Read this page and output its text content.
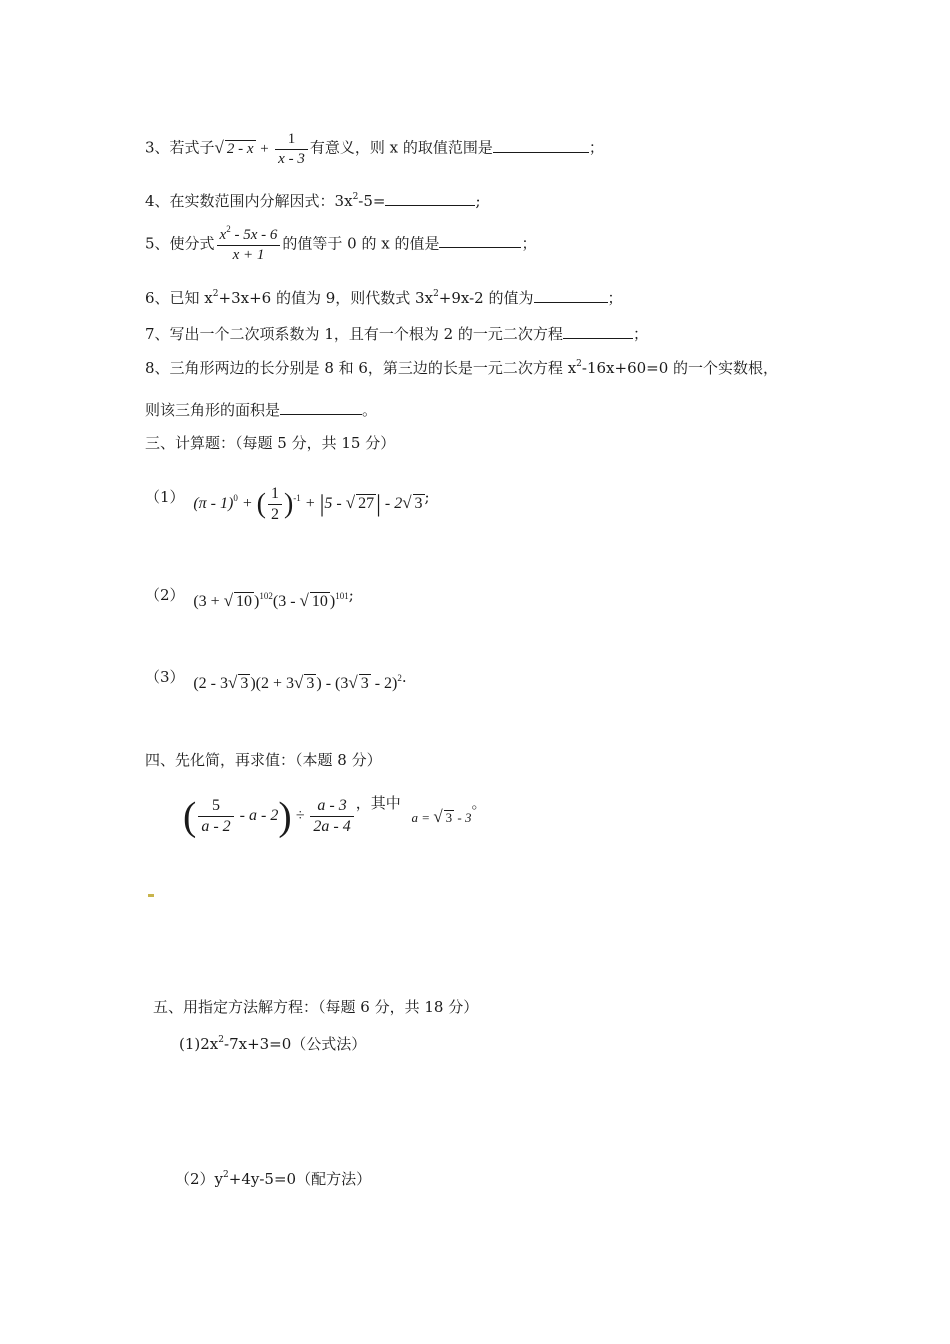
3、若式子√ $2 - x + \frac{1}{x - 3}$ 有意义，则 x 的取值范围是	；
4、在实数范围内分解因式：$3x^2-5=$	;
5、使分式 $\frac{x^2 - 5x - 6}{x + 1}$ 的值等于 0 的 x 的值是	；
6、已知 $x^2+3x+6$ 的值为 9，则代数式 $3x^2+9x-2$ 的值为	；
7、写出一个二次项系数为 1，且有一个根为 2 的一元二次方程	；
8、三角形两边的长分别是 8 和 6，第三边的长是一元二次方程 $x^2-16x+60=0$ 的一个实数根，
则该三角形的面积是	。
三、计算题：（每题 5 分，共 15 分）
（1） (π - 1)$^0$ + ( $\frac{1}{2} )^{-1} + |5$ - √ 27| - 2√ 3 ;
（2） (3 + √ 10 )$^{102}$(3 - √ 10 )$^{101}$;
（3） (2 - 3√ 3 )(2 + 3√ 3 ) - (3√ 3 - 2)$^2$.
四、先化简，再求值：（本题 8 分）
( $\frac{5}{a - 2} - a - 2) \div \frac{a - 3}{2a - 4}$ ，其中 a = √ 3 - 3。
五、用指定方法解方程：（每题 6 分，共 18 分）
$(1)2x^2-7x+3=0$（公式法）
$(2)y^2+4y-5=0$（配方法）
